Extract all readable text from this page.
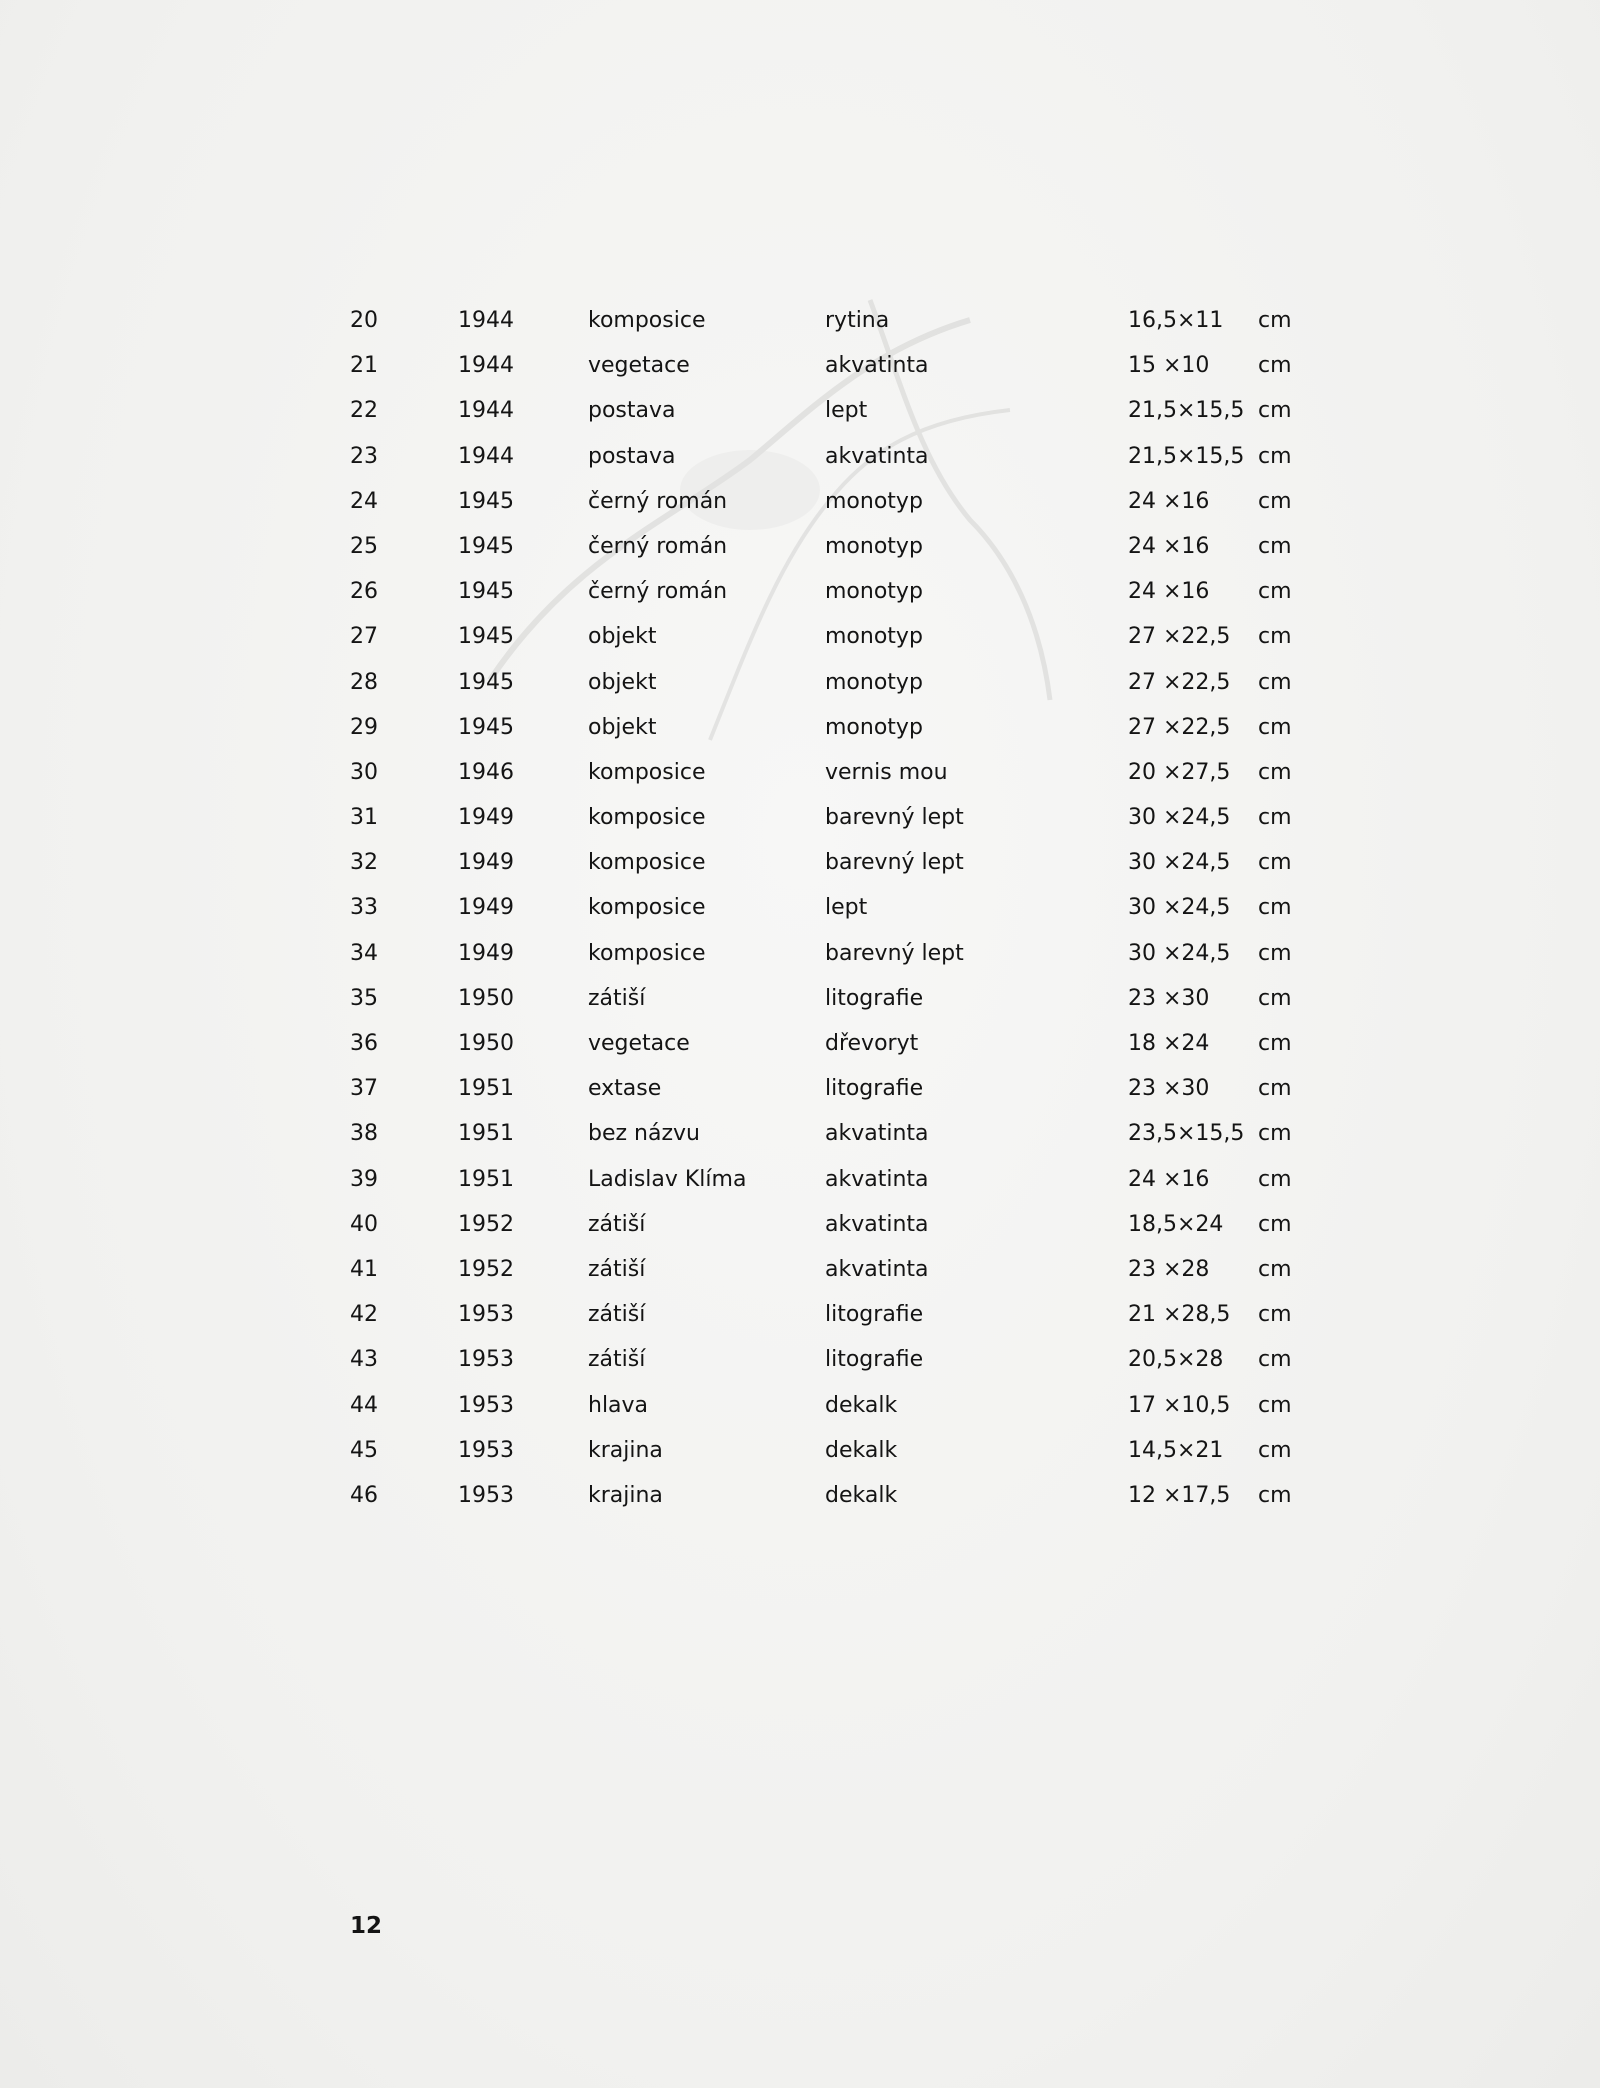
20	1944	komposice	rytina	16,5×11 cm
21	1944	vegetace	akvatinta	15 ×10 cm
22	1944	postava	lept	21,5×15,5 cm
23	1944	postava	akvatinta	21,5×15,5 cm
24	1945	černý román	monotyp	24 ×16 cm
25	1945	černý román	monotyp	24 ×16 cm
26	1945	černý román	monotyp	24 ×16 cm
27	1945	objekt	monotyp	27 ×22,5 cm
28	1945	objekt	monotyp	27 ×22,5 cm
29	1945	objekt	monotyp	27 ×22,5 cm
30	1946	komposice	vernis mou	20 ×27,5 cm
31	1949	komposice	barevný lept	30 ×24,5 cm
32	1949	komposice	barevný lept	30 ×24,5 cm
33	1949	komposice	lept	30 ×24,5 cm
34	1949	komposice	barevný lept	30 ×24,5 cm
35	1950	zátiší	litografie	23 ×30 cm
36	1950	vegetace	dřevoryt	18 ×24 cm
37	1951	extase	litografie	23 ×30 cm
38	1951	bez názvu	akvatinta	23,5×15,5 cm
39	1951	Ladislav Klíma	akvatinta	24 ×16 cm
40	1952	zátiší	akvatinta	18,5×24 cm
41	1952	zátiší	akvatinta	23 ×28 cm
42	1953	zátiší	litografie	21 ×28,5 cm
43	1953	zátiší	litografie	20,5×28 cm
44	1953	hlava	dekalk	17 ×10,5 cm
45	1953	krajina	dekalk	14,5×21 cm
46	1953	krajina	dekalk	12 ×17,5 cm
12
